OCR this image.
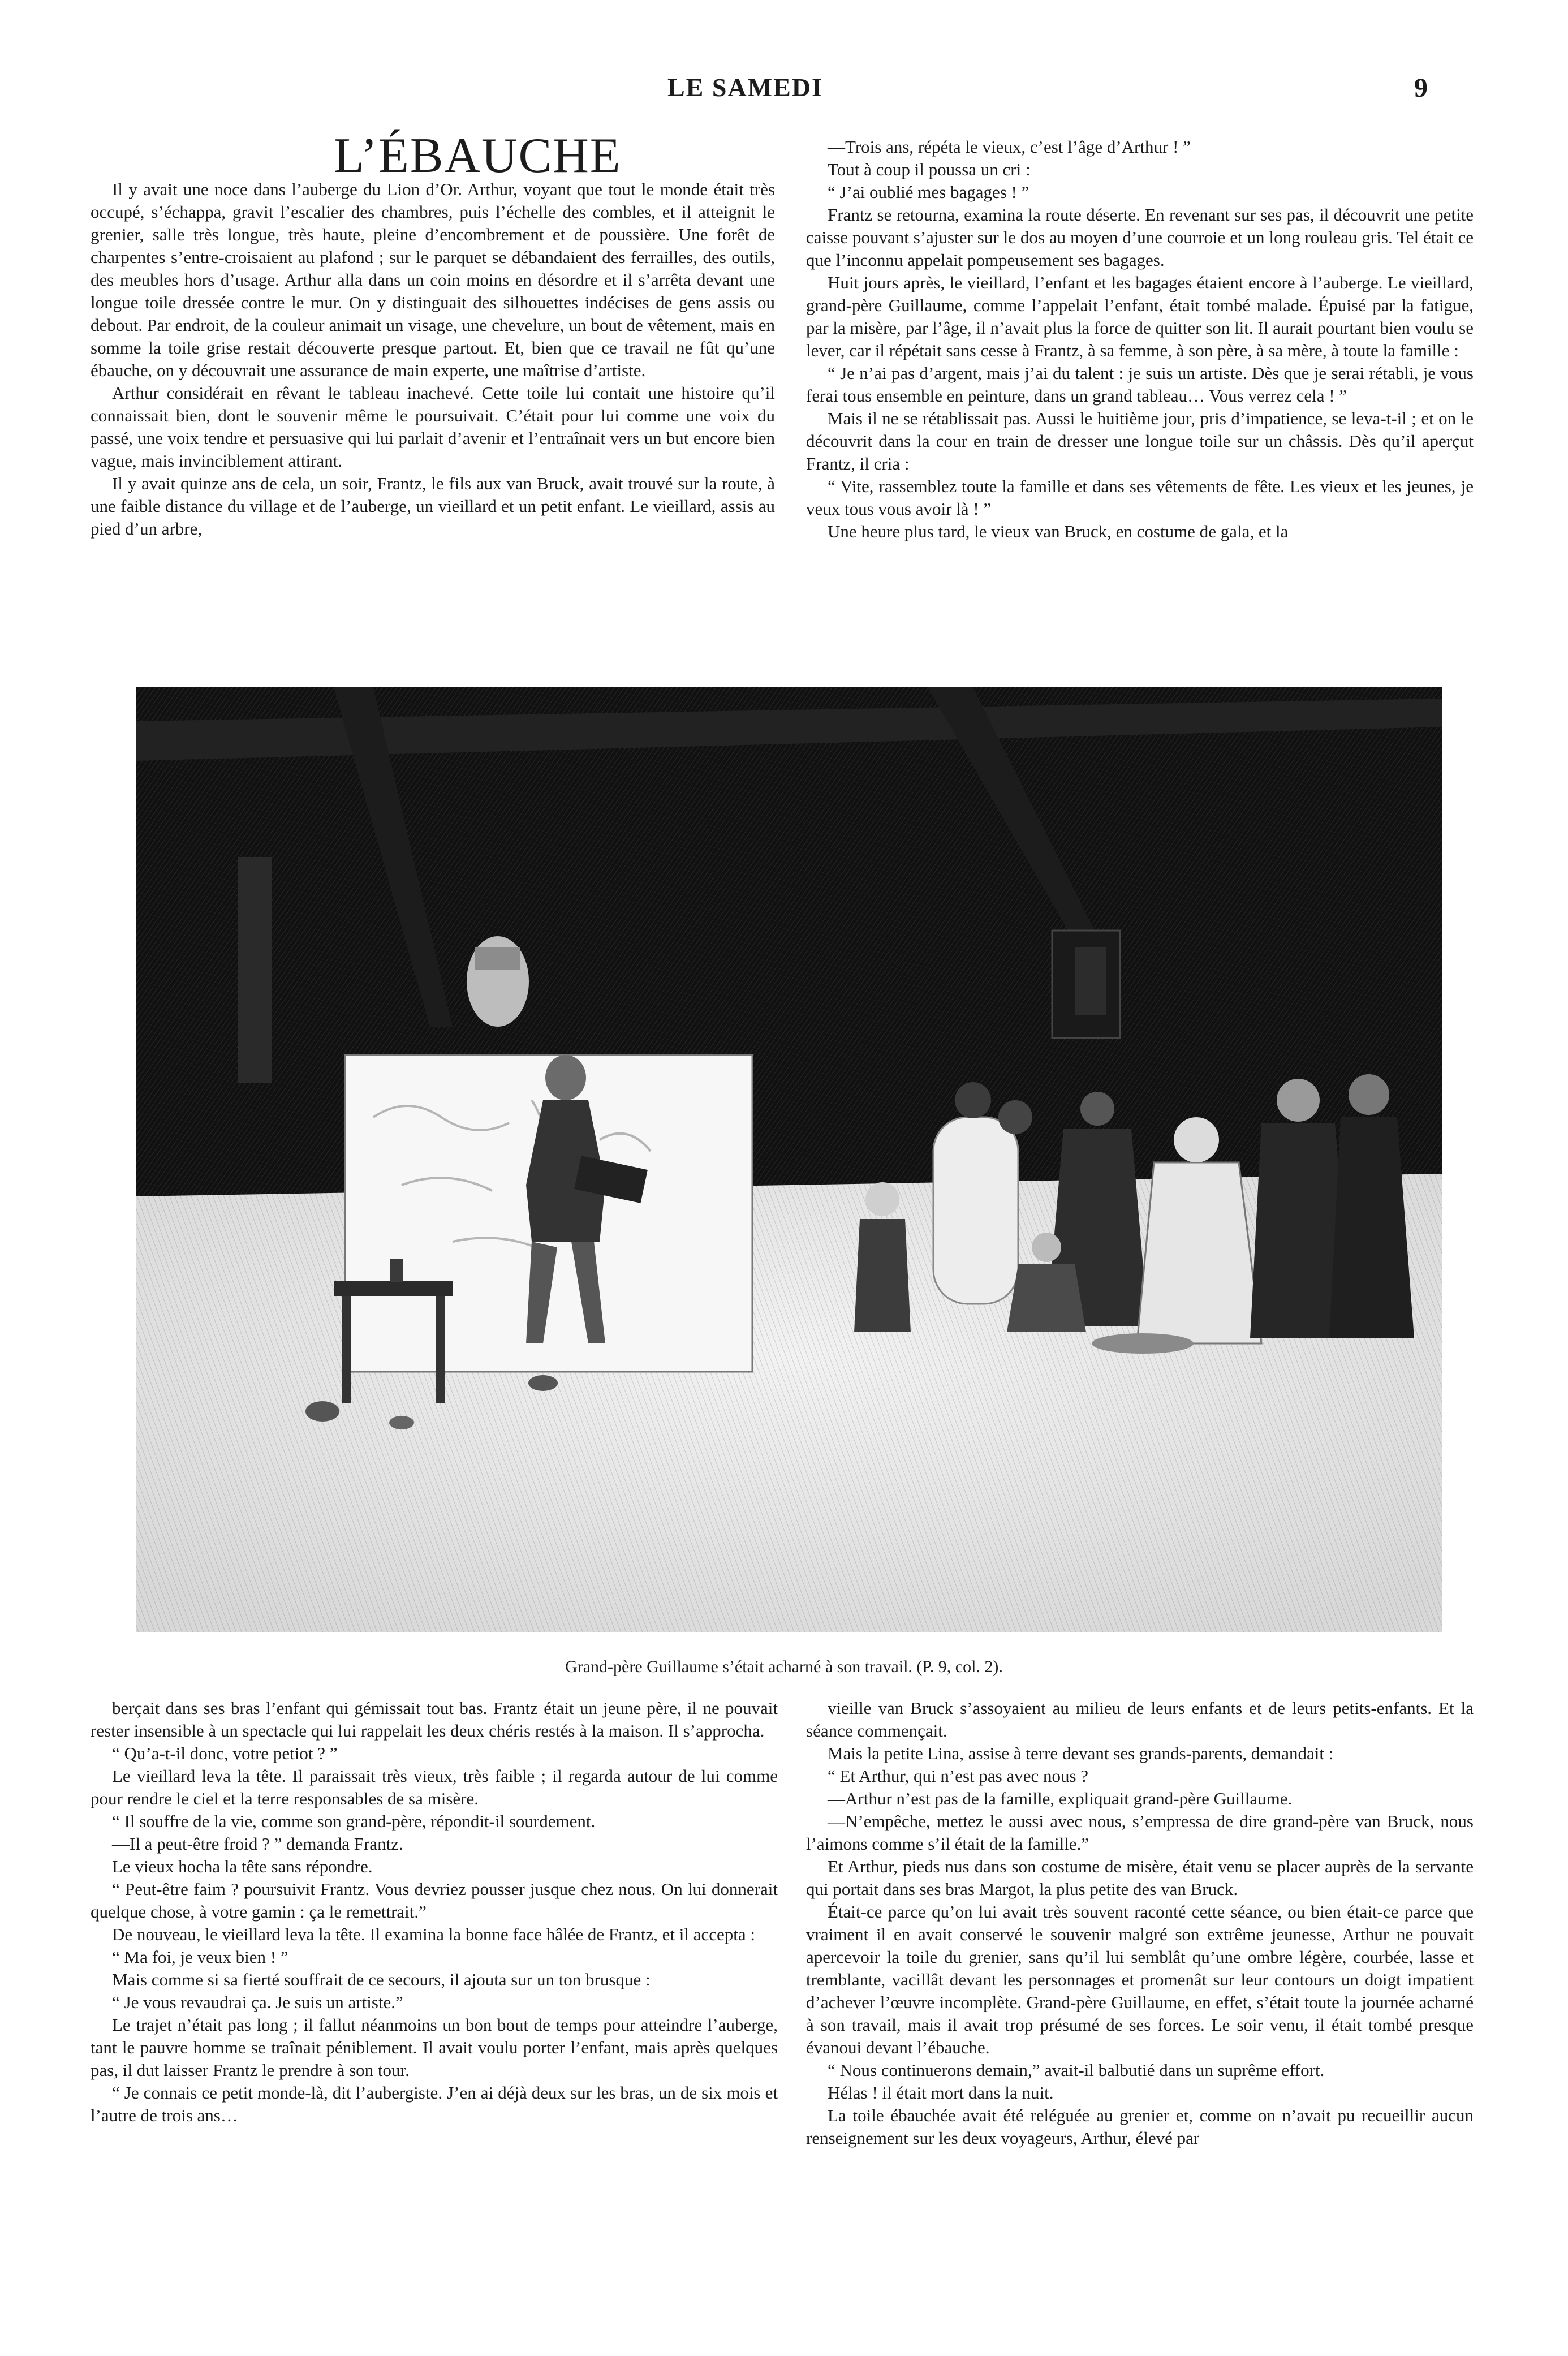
LE SAMEDI	9
L’ÉBAUCHE

Il y avait une noce dans l’auberge du Lion d’Or. Arthur, voyant que tout le monde était très occupé, s’échappa, gravit l’escalier des chambres, puis l’échelle des combles, et il atteignit le grenier, salle très longue, très haute, pleine d’encombrement et de poussière. Une forêt de charpentes s’entre-croisaient au plafond ; sur le parquet se débandaient des ferrailles, des outils, des meubles hors d’usage. Arthur alla dans un coin moins en désordre et il s’arrêta devant une longue toile dressée contre le mur. On y distinguait des silhouettes indécises de gens assis ou debout. Par endroit, de la couleur animait un visage, une chevelure, un bout de vêtement, mais en somme la toile grise restait découverte presque partout. Et, bien que ce travail ne fût qu’une ébauche, on y découvrait une assurance de main experte, une maîtrise d’artiste.

Arthur considérait en rêvant le tableau inachevé. Cette toile lui contait une histoire qu’il connaissait bien, dont le souvenir même le poursuivait. C’était pour lui comme une voix du passé, une voix tendre et persuasive qui lui parlait d’avenir et l’entraînait vers un but encore bien vague, mais invinciblement attirant.

Il y avait quinze ans de cela, un soir, Frantz, le fils aux van Bruck, avait trouvé sur la route, à une faible distance du village et de l’auberge, un vieillard et un petit enfant. Le vieillard, assis au pied d’un arbre,

—Trois ans, répéta le vieux, c’est l’âge d’Arthur ! ”

Tout à coup il poussa un cri :

“ J’ai oublié mes bagages ! ”

Frantz se retourna, examina la route déserte. En revenant sur ses pas, il découvrit une petite caisse pouvant s’ajuster sur le dos au moyen d’une courroie et un long rouleau gris. Tel était ce que l’inconnu appelait pompeusement ses bagages.

Huit jours après, le vieillard, l’enfant et les bagages étaient encore à l’auberge. Le vieillard, grand-père Guillaume, comme l’appelait l’enfant, était tombé malade. Épuisé par la fatigue, par la misère, par l’âge, il n’avait plus la force de quitter son lit. Il aurait pourtant bien voulu se lever, car il répétait sans cesse à Frantz, à sa femme, à son père, à sa mère, à toute la famille :

“ Je n’ai pas d’argent, mais j’ai du talent : je suis un artiste. Dès que je serai rétabli, je vous ferai tous ensemble en peinture, dans un grand tableau… Vous verrez cela ! ”

Mais il ne se rétablissait pas. Aussi le huitième jour, pris d’impatience, se leva-t-il ; et on le découvrit dans la cour en train de dresser une longue toile sur un châssis. Dès qu’il aperçut Frantz, il cria :

“ Vite, rassemblez toute la famille et dans ses vêtements de fête. Les vieux et les jeunes, je veux tous vous avoir là ! ”

Une heure plus tard, le vieux van Bruck, en costume de gala, et la

Grand-père Guillaume s’était acharné à son travail. (P. 9, col. 2).

berçait dans ses bras l’enfant qui gémissait tout bas. Frantz était un jeune père, il ne pouvait rester insensible à un spectacle qui lui rappelait les deux chéris restés à la maison. Il s’approcha.

“ Qu’a-t-il donc, votre petiot ? ”

Le vieillard leva la tête. Il paraissait très vieux, très faible ; il regarda autour de lui comme pour rendre le ciel et la terre responsables de sa misère.

“ Il souffre de la vie, comme son grand-père, répondit-il sourdement.

—Il a peut-être froid ? ” demanda Frantz.

Le vieux hocha la tête sans répondre.

“ Peut-être faim ? poursuivit Frantz. Vous devriez pousser jusque chez nous. On lui donnerait quelque chose, à votre gamin : ça le remettrait.”

De nouveau, le vieillard leva la tête. Il examina la bonne face hâlée de Frantz, et il accepta :

“ Ma foi, je veux bien ! ”

Mais comme si sa fierté souffrait de ce secours, il ajouta sur un ton brusque :

“ Je vous revaudrai ça. Je suis un artiste.”

Le trajet n’était pas long ; il fallut néanmoins un bon bout de temps pour atteindre l’auberge, tant le pauvre homme se traînait péniblement. Il avait voulu porter l’enfant, mais après quelques pas, il dut laisser Frantz le prendre à son tour.

“ Je connais ce petit monde-là, dit l’aubergiste. J’en ai déjà deux sur les bras, un de six mois et l’autre de trois ans…

vieille van Bruck s’assoyaient au milieu de leurs enfants et de leurs petits-enfants. Et la séance commençait.

Mais la petite Lina, assise à terre devant ses grands-parents, demandait :

“ Et Arthur, qui n’est pas avec nous ?

—Arthur n’est pas de la famille, expliquait grand-père Guillaume.

—N’empêche, mettez le aussi avec nous, s’empressa de dire grand-père van Bruck, nous l’aimons comme s’il était de la famille.”

Et Arthur, pieds nus dans son costume de misère, était venu se placer auprès de la servante qui portait dans ses bras Margot, la plus petite des van Bruck.

Était-ce parce qu’on lui avait très souvent raconté cette séance, ou bien était-ce parce que vraiment il en avait conservé le souvenir malgré son extrême jeunesse, Arthur ne pouvait apercevoir la toile du grenier, sans qu’il lui semblât qu’une ombre légère, courbée, lasse et tremblante, vacillât devant les personnages et promenât sur leur contours un doigt impatient d’achever l’œuvre incomplète. Grand-père Guillaume, en effet, s’était toute la journée acharné à son travail, mais il avait trop présumé de ses forces. Le soir venu, il était tombé presque évanoui devant l’ébauche.

“ Nous continuerons demain,” avait-il balbutié dans un suprême effort.

Hélas ! il était mort dans la nuit.

La toile ébauchée avait été reléguée au grenier et, comme on n’avait pu recueillir aucun renseignement sur les deux voyageurs, Arthur, élevé par
